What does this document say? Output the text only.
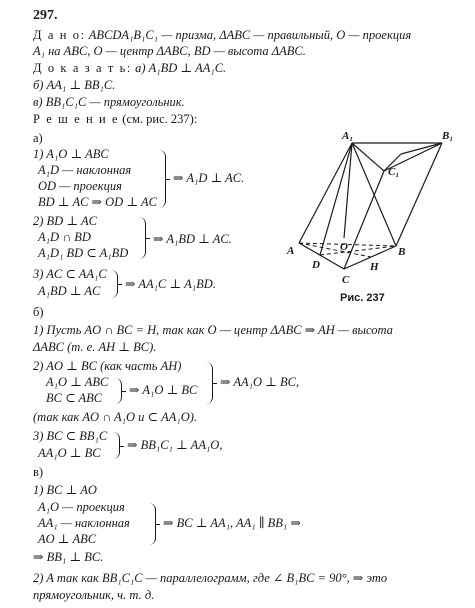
297.
Д а н о: ABCDA₁B₁C₁ — призма, ΔABC — правильный, O — проекция
A₁ на ABC, O — центр ΔABC, BD — высота ΔABC.
Д о к а з а т ь: а) A₁BD ⊥ AA₁C.
б) AA₁ ⊥ BB₁C.
в) BB₁C₁C — прямоугольник.
Р е ш е н и е (см. рис. 237):
а)
1) A₁O ⊥ ABC
A₁D — наклонная
OD — проекция
BD ⊥ AC ⇒ OD ⊥ AC
⇒ A₁D ⊥ AC.
2) BD ⊥ AC
A₁D ∩ BD
A₁D₁ BD ⊂ A₁BD
⇒ A₁BD ⊥ AC.
3) AC ⊂ AA₁C
A₁BD ⊥ AC ⇒ AA₁C ⊥ A₁BD.
б)
1) Пусть AO ∩ BC = H, так как O — центр ΔABC ⇒ AH — высота
ΔABC (т. е. AH ⊥ BC).
2) AO ⊥ BC (как часть AH)
A₁O ⊥ ABC
BC ⊂ ABC
⇒ A₁O ⊥ BC
⇒ AA₁O ⊥ BC,
(так как AO ∩ A₁O и ⊂ AA₁O).
3) BC ⊂ BB₁C
AA₁O ⊥ BC
⇒ BB₁C₁ ⊥ AA₁O,
в)
1) BC ⊥ AO
A₁O — проекция
AA₁ — наклонная
AO ⊥ ABC
⇒ BC ⊥ AA₁, AA₁ ∥ BB₁ ⇒
⇒ BB₁ ⊥ BC.
2) A так как BB₁C₁C — параллелограмм, где ∠ B₁BC = 90°, ⇒ это
прямоугольник, ч. т. д.
A₁	B₁
C₁
A	B
C
D
O
H
Рис. 237
